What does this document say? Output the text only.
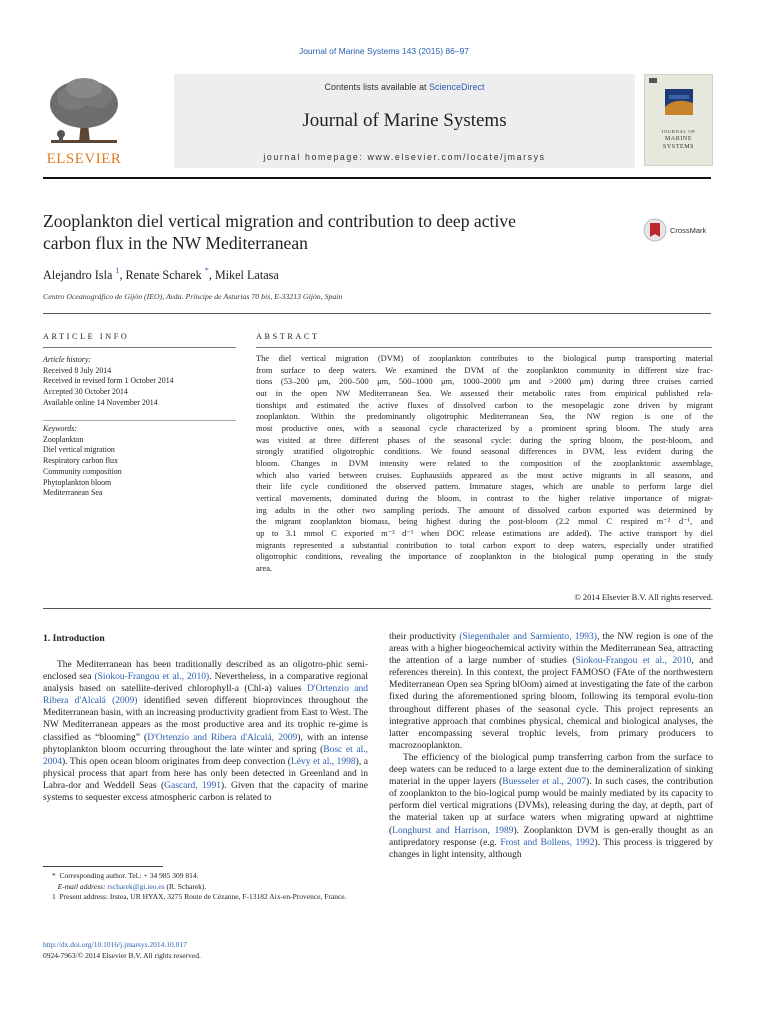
Journal of Marine Systems 143 (2015) 86–97
ELSEVIER
Contents lists available at ScienceDirect
Journal of Marine Systems
journal homepage: www.elsevier.com/locate/jmarsys
JOURNAL OF
MARINE
SYSTEMS
Zooplankton diel vertical migration and contribution to deep active
carbon flux in the NW Mediterranean
CrossMark
Alejandro Isla $^1$, Renate Scharek *, Mikel Latasa
Centro Oceanográfico de Gijón (IEO), Avda. Príncipe de Asturias 70 bis, E-33213 Gijón, Spain
ARTICLE INFO	ABSTRACT
Article history:
Received 8 July 2014
Received in revised form 1 October 2014
Accepted 30 October 2014
Available online 14 November 2014
Keywords:
Zooplankton
Diel vertical migration
Respiratory carbon flux
Community composition
Phytoplankton bloom
Mediterranean Sea
The diel vertical migration (DVM) of zooplankton contributes to the biological pump transporting material
from surface to deep waters. We examined the DVM of the zooplankton community in different size frac-
tions (53–200 μm, 200–500 μm, 500–1000 μm, 1000–2000 μm and >2000 μm) during three cruises carried
out in the open NW Mediterranean Sea. We assessed their metabolic rates from empirical published rela-
tionships and estimated the active fluxes of dissolved carbon to the mesopelagic zone driven by migrant
zooplankton. Within the predominantly oligotrophic Mediterranean Sea, the NW region is one of the
most productive ones, with a seasonal cycle characterized by a prominent spring bloom. The study area
was visited at three different phases of the seasonal cycle: during the spring bloom, the post-bloom, and
strongly stratified oligotrophic conditions. We found seasonal differences in DVM, less evident during the
bloom. Changes in DVM intensity were related to the composition of the zooplanktonic assemblage,
which also varied between cruises. Euphausiids appeared as the most active migrants in all seasons, and
their life cycle conditioned the observed pattern. Immature stages, which are unable to perform large diel
vertical movements, dominated during the bloom, in contrast to the higher relative importance of migrat-
ing adults in the other two sampling periods. The amount of dissolved carbon exported was determined by
the migrant zooplankton biomass, being highest during the post-bloom (2.2 mmol C respired m⁻² d⁻¹, and
up to 3.1 mmol C exported m⁻² d⁻¹ when DOC release estimations are added). The active transport by diel
migrants represented a substantial contribution to total carbon export to deep waters, especially under stratified
oligotrophic conditions, revealing the importance of zooplankton in the biological pump operating in the study
area.
© 2014 Elsevier B.V. All rights reserved.
1. Introduction

The Mediterranean has been traditionally described as an oligotro-phic semi-enclosed sea (Siokou-Frangou et al., 2010). Nevertheless, in a comparative regional analysis based on satellite-derived chlorophyll-a (Chl-a) values D'Ortenzio and Ribera d'Alcalá (2009) identified seven different bioprovinces throughout the Mediterranean basin, with an increasing productivity gradient from East to West. The NW Mediterranean appears as the most productive area and its trophic re-gime is classified as “blooming” (D'Ortenzio and Ribera d'Alcalá, 2009), with an intense phytoplankton bloom occurring throughout the late winter and spring (Bosc et al., 2004). This open ocean bloom originates from deep convection (Lévy et al., 1998), a physical process that apart from here has only been detected in Greenland and in Labra-dor and Weddell Seas (Gascard, 1991). Given that the capacity of marine systems to sequester excess atmospheric carbon is related to

their productivity (Siegenthaler and Sarmiento, 1993), the NW region is one of the areas with a higher biogeochemical activity within the Mediterranean Sea, attracting the attention of a large number of studies (Siokou-Frangou et al., 2010, and references therein). In this context, the project FAMOSO (FAte of the northwestern Mediterranean Open sea Spring blOom) aimed at investigating the fate of the carbon fixed during the aforementioned spring bloom, following its temporal evolu-tion throughout different phases of the seasonal cycle. This project represents an integrative approach that combines physical, chemical and biological analyses, the latter encompassing several trophic levels, from primary producers to macrozooplankton.

The efficiency of the biological pump transferring carbon from the surface to deep waters can be reduced to a large extent due to the demineralization of sinking material in the upper layers (Buesseler et al., 2007). In such cases, the contribution of zooplankton to the bio-logical pump would be mainly mediated by its capacity to perform diel vertical migrations (DVMs), releasing during the day, at depth, part of the material taken up at surface waters when migrating upward at nighttime (Longhurst and Harrison, 1989). Zooplankton DVM is gen-erally thought as an antipredatory response (e.g. Frost and Bollens, 1992). This process is triggered by changes in light intensity, although

* Corresponding author. Tel.: + 34 985 309 814.
E-mail address: rscharek@gi.ieo.es (R. Scharek).
1 Present address: Irstea, UR HYAX, 3275 Route de Cézanne, F-13182 Aix-en-Provence, France.
http://dx.doi.org/10.1016/j.jmarsys.2014.10.017
0924-7963/© 2014 Elsevier B.V. All rights reserved.
